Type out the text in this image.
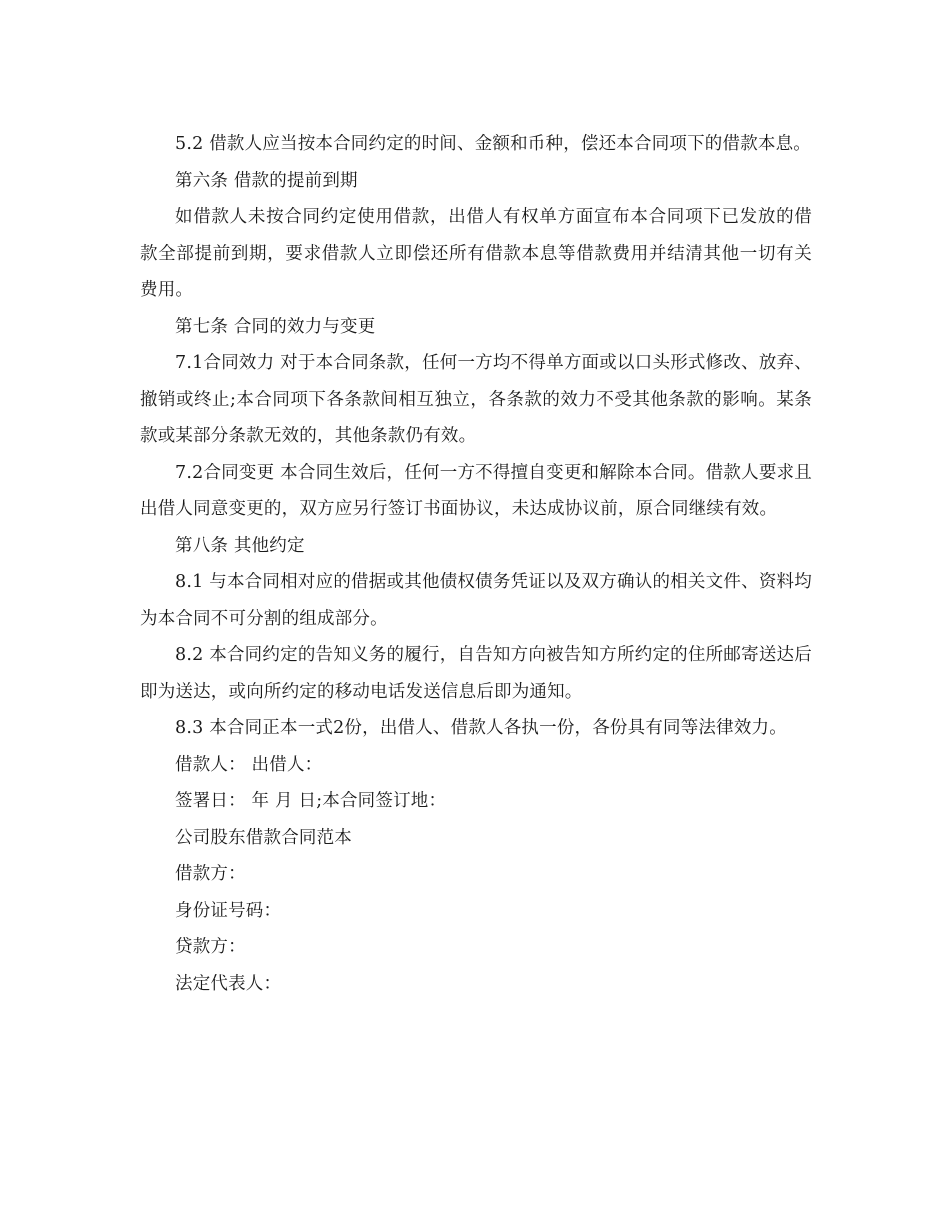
5.2 借款人应当按本合同约定的时间、金额和币种，偿还本合同项下的借款本息。

第六条 借款的提前到期

如借款人未按合同约定使用借款，出借人有权单方面宣布本合同项下已发放的借款全部提前到期，要求借款人立即偿还所有借款本息等借款费用并结清其他一切有关费用。

第七条 合同的效力与变更

7.1合同效力 对于本合同条款，任何一方均不得单方面或以口头形式修改、放弃、撤销或终止;本合同项下各条款间相互独立，各条款的效力不受其他条款的影响。某条款或某部分条款无效的，其他条款仍有效。

7.2合同变更 本合同生效后，任何一方不得擅自变更和解除本合同。借款人要求且出借人同意变更的，双方应另行签订书面协议，未达成协议前，原合同继续有效。

第八条 其他约定

8.1 与本合同相对应的借据或其他债权债务凭证以及双方确认的相关文件、资料均为本合同不可分割的组成部分。

8.2 本合同约定的告知义务的履行，自告知方向被告知方所约定的住所邮寄送达后即为送达，或向所约定的移动电话发送信息后即为通知。

8.3 本合同正本一式2份，出借人、借款人各执一份，各份具有同等法律效力。

借款人： 出借人：

签署日： 年 月 日;本合同签订地：

公司股东借款合同范本

借款方：

身份证号码：

贷款方：

法定代表人：
